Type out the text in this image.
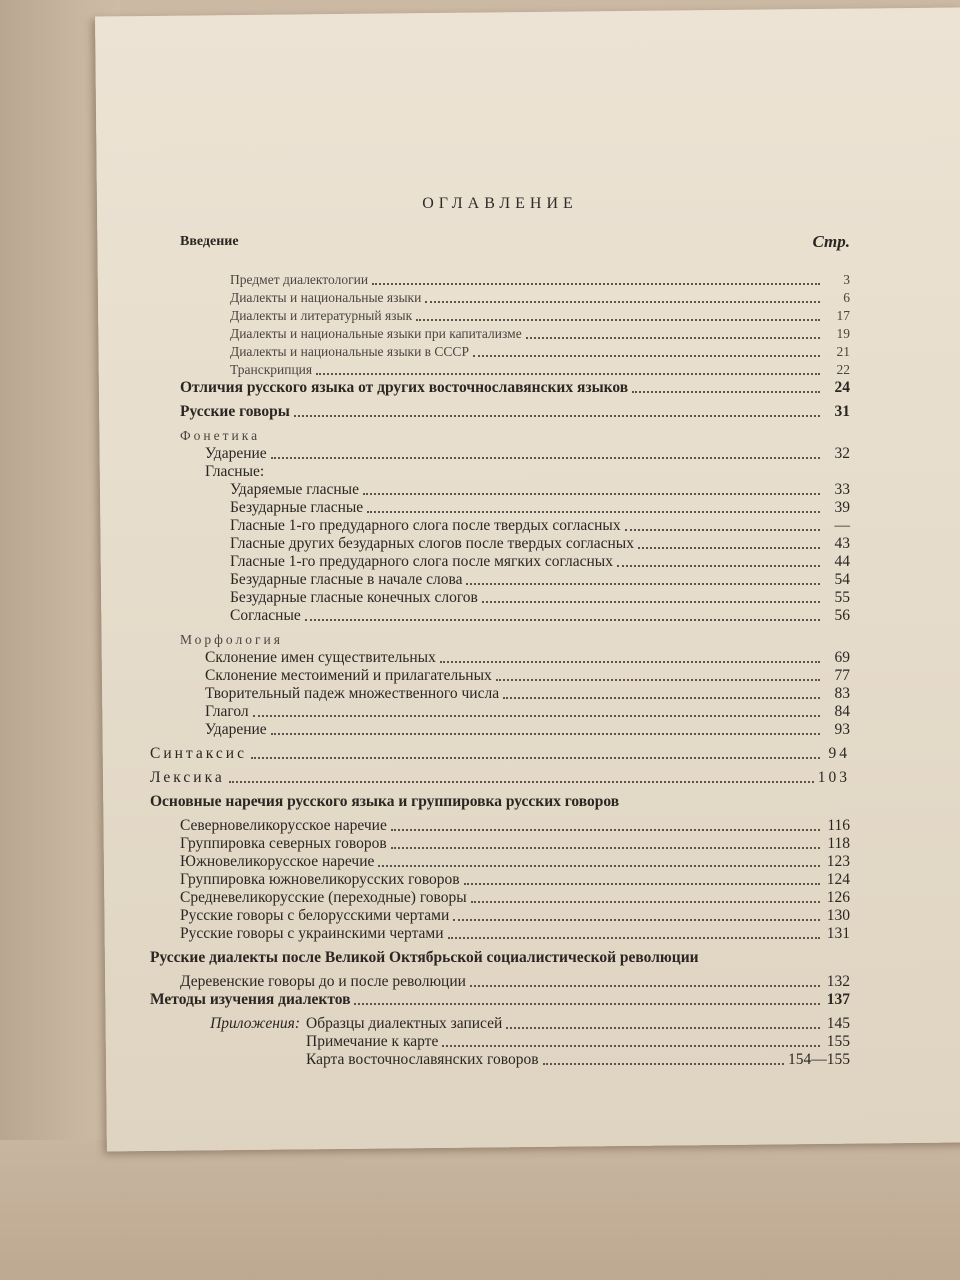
ОГЛАВЛЕНИЕ
Введение	Стр.
Предмет диалектологии	3
Диалекты и национальные языки	6
Диалекты и литературный язык	17
Диалекты и национальные языки при капитализме	19
Диалекты и национальные языки в СССР	21
Транскрипция	22
Отличия русского языка от других восточнославянских языков	24
Русские говоры	31
Фонетика
Ударение	32
Гласные:
Ударяемые гласные	33
Безударные гласные	39
Гласные 1-го предударного слога после твердых согласных	—
Гласные других безударных слогов после твердых согласных	43
Гласные 1-го предударного слога после мягких согласных	44
Безударные гласные в начале слова	54
Безударные гласные конечных слогов	55
Согласные	56
Морфология
Склонение имен существительных	69
Склонение местоимений и прилагательных	77
Творительный падеж множественного числа	83
Глагол	84
Ударение	93
Синтаксис	94
Лексика	103
Основные наречия русского языка и группировка русских говоров
Северновеликорусское наречие	116
Группировка северных говоров	118
Южновеликорусское наречие	123
Группировка южновеликорусских говоров	124
Средневеликорусские (переходные) говоры	126
Русские говоры с белорусскими чертами	130
Русские говоры с украинскими чертами	131
Русские диалекты после Великой Октябрьской социалистической революции
Деревенские говоры до и после революции	132
Методы изучения диалектов	137
Приложения: Образцы диалектных записей	145
Примечание к карте	155
Карта восточнославянских говоров	154—155
